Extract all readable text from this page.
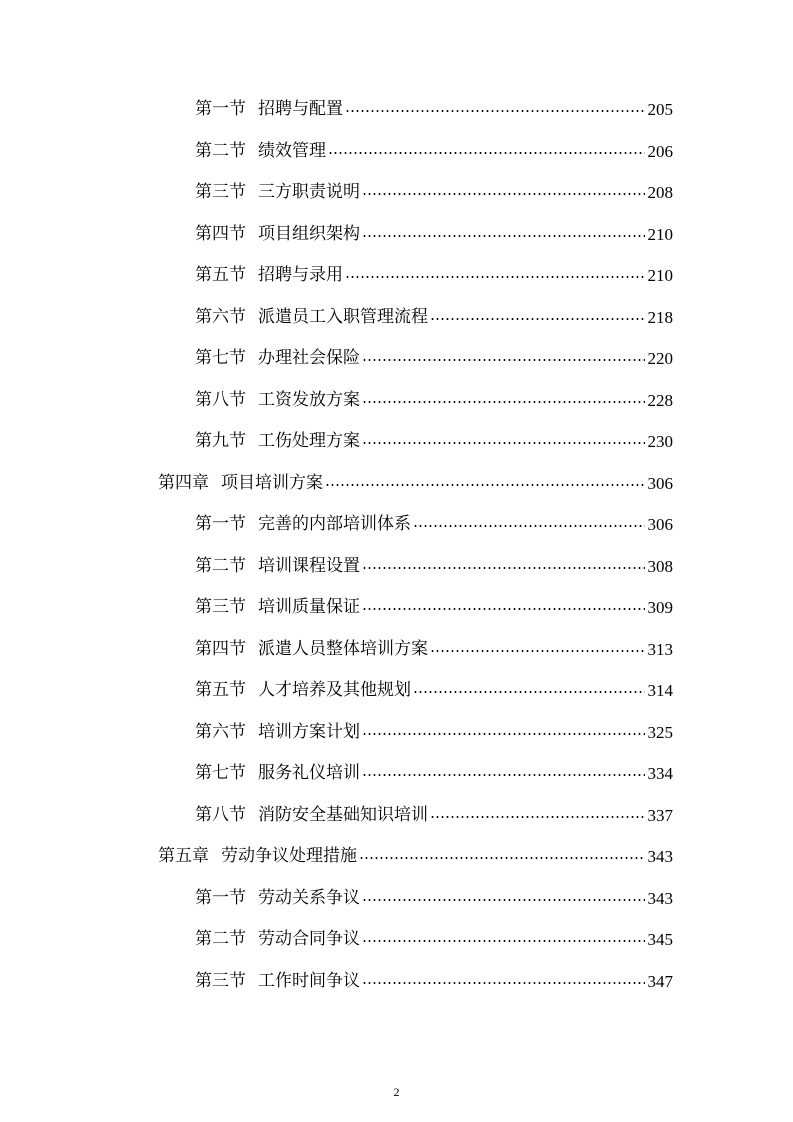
第一节 招聘与配置	205
第二节 绩效管理	206
第三节 三方职责说明	208
第四节 项目组织架构	210
第五节 招聘与录用	210
第六节 派遣员工入职管理流程	218
第七节 办理社会保险	220
第八节 工资发放方案	228
第九节 工伤处理方案	230
第四章 项目培训方案	306
第一节 完善的内部培训体系	306
第二节 培训课程设置	308
第三节 培训质量保证	309
第四节 派遣人员整体培训方案	313
第五节 人才培养及其他规划	314
第六节 培训方案计划	325
第七节 服务礼仪培训	334
第八节 消防安全基础知识培训	337
第五章 劳动争议处理措施	343
第一节 劳动关系争议	343
第二节 劳动合同争议	345
第三节 工作时间争议	347
2
